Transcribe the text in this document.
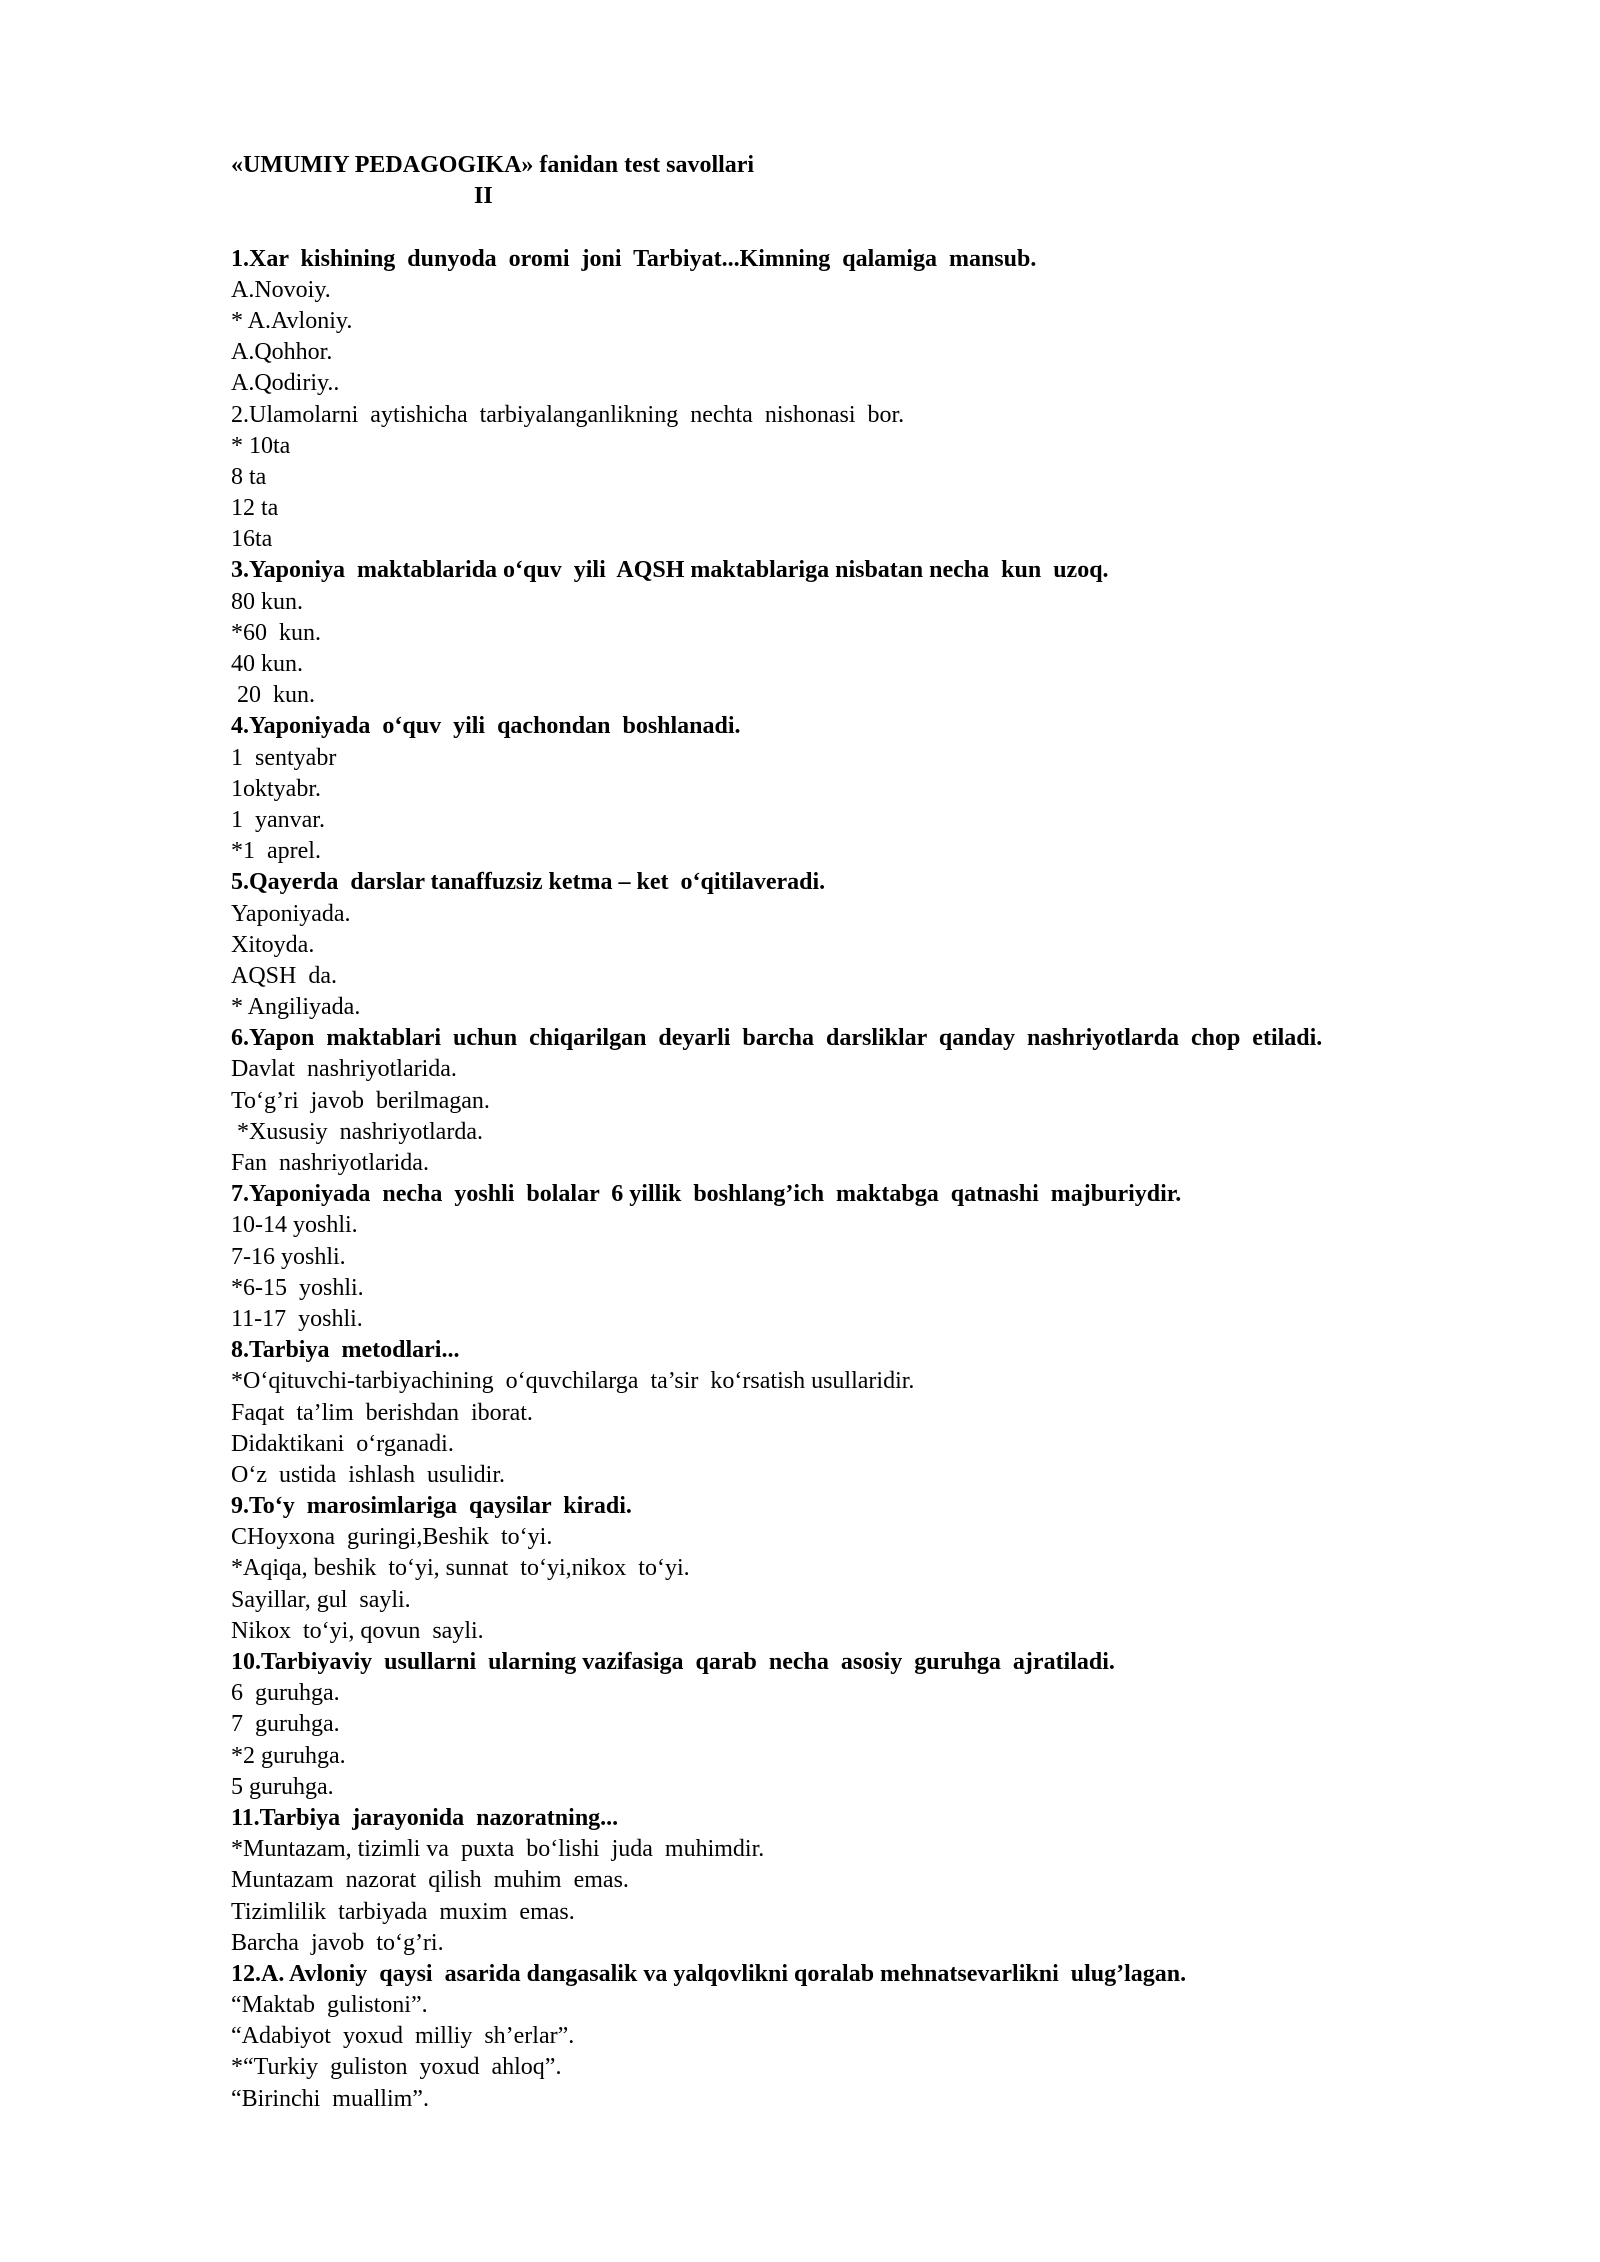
«UMUMIY PEDAGOGIKA» fanidan test savollari
II
1.Xar  kishining  dunyoda  oromi  joni  Tarbiyat...Kimning  qalamiga  mansub.
A.Novoiy.
* A.Avloniy.
A.Qohhor.
A.Qodiriy..
2.Ulamolarni  aytishicha  tarbiyalanganlikning  nechta  nishonasi  bor.
* 10ta
8 ta
12 ta
16ta
3.Yaponiya  maktablarida o‘quv  yili  AQSH maktablariga nisbatan necha  kun  uzoq.
80 kun.
*60  kun.
40 kun.
20  kun.
4.Yaponiyada  o‘quv  yili  qachondan  boshlanadi.
1  sentyabr
1oktyabr.
1  yanvar.
*1  aprel.
5.Qayerda  darslar tanaffuzsiz ketma – ket  o‘qitilaveradi.
Yaponiyada.
Xitoyda.
AQSH  da.
* Angiliyada.
6.Yapon  maktablari  uchun  chiqarilgan  deyarli  barcha  darsliklar  qanday  nashriyotlarda  chop  etiladi.
Davlat  nashriyotlarida.
To‘g’ri  javob  berilmagan.
*Xususiy  nashriyotlarda.
Fan  nashriyotlarida.
7.Yaponiyada  necha  yoshli  bolalar  6 yillik  boshlang’ich  maktabga  qatnashi  majburiydir.
10-14 yoshli.
7-16 yoshli.
*6-15  yoshli.
11-17  yoshli.
8.Tarbiya  metodlari...
*O‘qituvchi-tarbiyachining  o‘quvchilarga  ta’sir  ko‘rsatish usullaridir.
Faqat  ta’lim  berishdan  iborat.
Didaktikani  o‘rganadi.
O‘z  ustida  ishlash  usulidir.
9.To‘y  marosimlariga  qaysilar  kiradi.
CHoyxona  guringi,Beshik  to‘yi.
*Aqiqa, beshik  to‘yi, sunnat  to‘yi,nikox  to‘yi.
Sayillar, gul  sayli.
Nikox  to‘yi, qovun  sayli.
10.Tarbiyaviy  usullarni  ularning vazifasiga  qarab  necha  asosiy  guruhga  ajratiladi.
6  guruhga.
7  guruhga.
*2 guruhga.
5 guruhga.
11.Tarbiya  jarayonida  nazoratning...
*Muntazam, tizimli va  puxta  bo‘lishi  juda  muhimdir.
Muntazam  nazorat  qilish  muhim  emas.
Tizimlilik  tarbiyada  muxim  emas.
Barcha  javob  to‘g’ri.
12.A. Avloniy  qaysi  asarida dangasalik va yalqovlikni qoralab mehnatsevarlikni  ulug’lagan.
“Maktab  gulistoni”.
“Adabiyot  yoxud  milliy  sh’erlar”.
*“Turkiy  guliston  yoxud  ahloq”.
“Birinchi  muallim”.
